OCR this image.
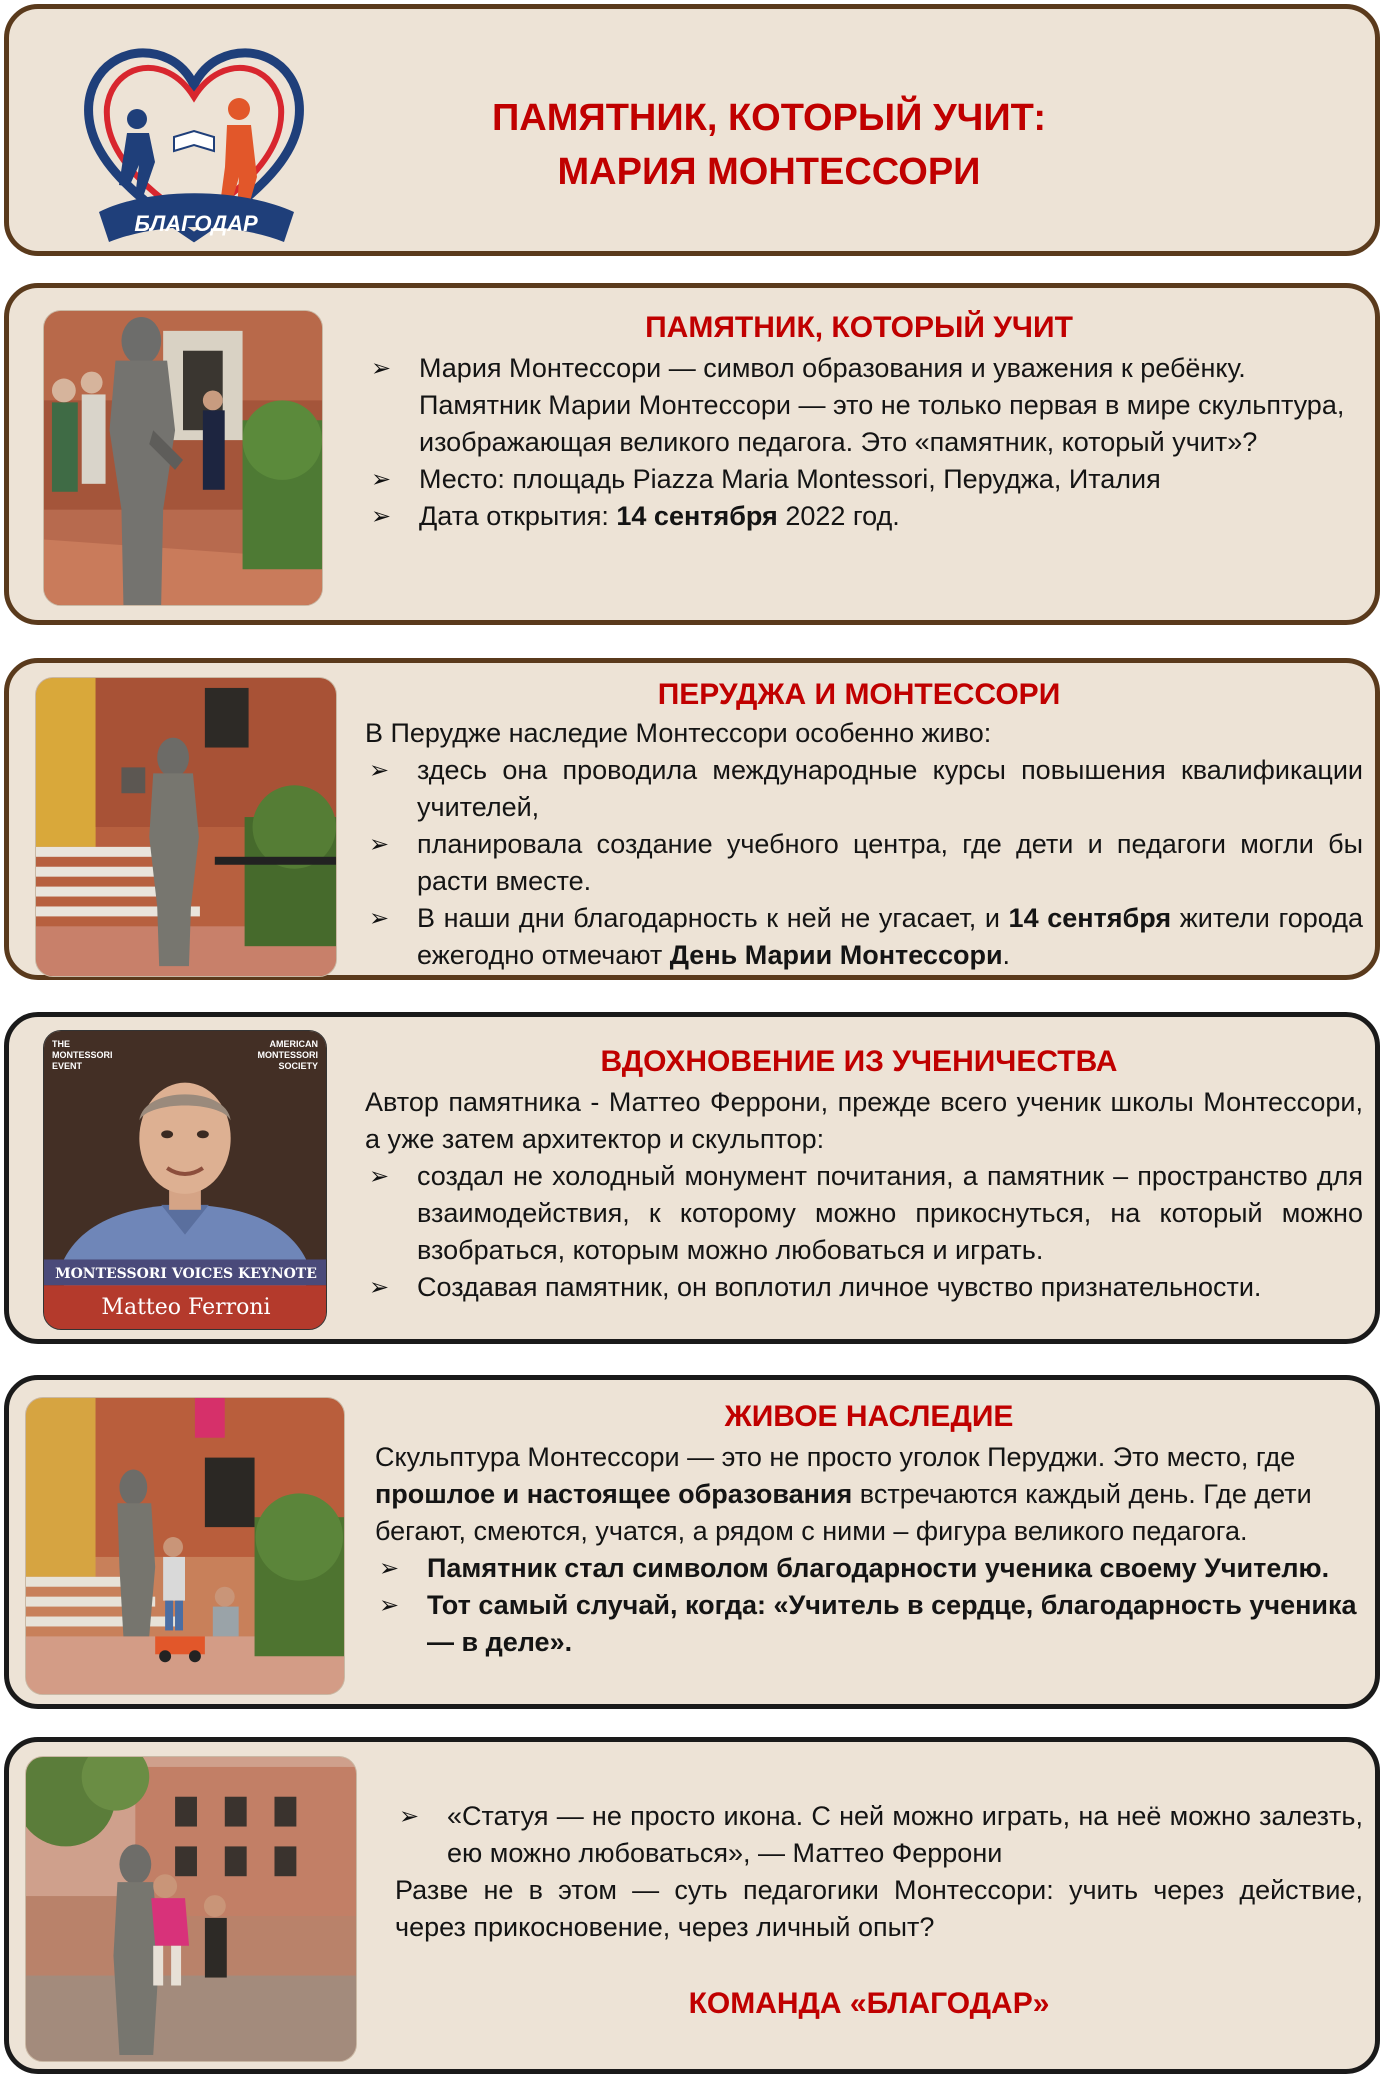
БЛАГОДАР
ПАМЯТНИК, КОТОРЫЙ УЧИТ:
МАРИЯ МОНТЕССОРИ
ПАМЯТНИК, КОТОРЫЙ УЧИТ
➢ Мария Монтессори — символ образования и уважения к ребёнку. Памятник Марии Монтессори — это не только первая в мире скульптура, изображающая великого педагога. Это «памятник, который учит»?
➢ Место: площадь Piazza Maria Montessori, Перуджа, Италия
➢ Дата открытия: 14 сентября 2022 год.
ПЕРУДЖА И МОНТЕССОРИ

В Перудже наследие Монтессори особенно живо:

➢ здесь она проводила международные курсы повышения квалификации учителей,
➢ планировала создание учебного центра, где дети и педагоги могли бы расти вместе.
➢ В наши дни благодарность к ней не угасает, и 14 сентября жители города ежегодно отмечают День Марии Монтессори.
THE MONTESSORI EVENT
AMERICAN MONTESSORI SOCIETY
MONTESSORI VOICES KEYNOTE
Matteo Ferroni
ВДОХНОВЕНИЕ ИЗ УЧЕНИЧЕСТВА

Автор памятника - Маттео Феррони, прежде всего ученик школы Монтессори, а уже затем архитектор и скульптор:

➢ создал не холодный монумент почитания, а памятник – пространство для взаимодействия, к которому можно прикоснуться, на который можно взобраться, которым можно любоваться и играть.
➢ Создавая памятник, он воплотил личное чувство признательности.
ЖИВОЕ НАСЛЕДИЕ

Скульптура Монтессори — это не просто уголок Перуджи. Это место, где прошлое и настоящее образования встречаются каждый день. Где дети бегают, смеются, учатся, а рядом с ними – фигура великого педагога.

➢ Памятник стал символом благодарности ученика своему Учителю.
➢ Тот самый случай, когда: «Учитель в сердце, благодарность ученика — в деле».
➢ «Статуя — не просто икона. С ней можно играть, на неё можно залезть, ею можно любоваться», — Маттео Феррони

Разве не в этом — суть педагогики Монтессори: учить через действие, через прикосновение, через личный опыт?

КОМАНДА «БЛАГОДАР»
